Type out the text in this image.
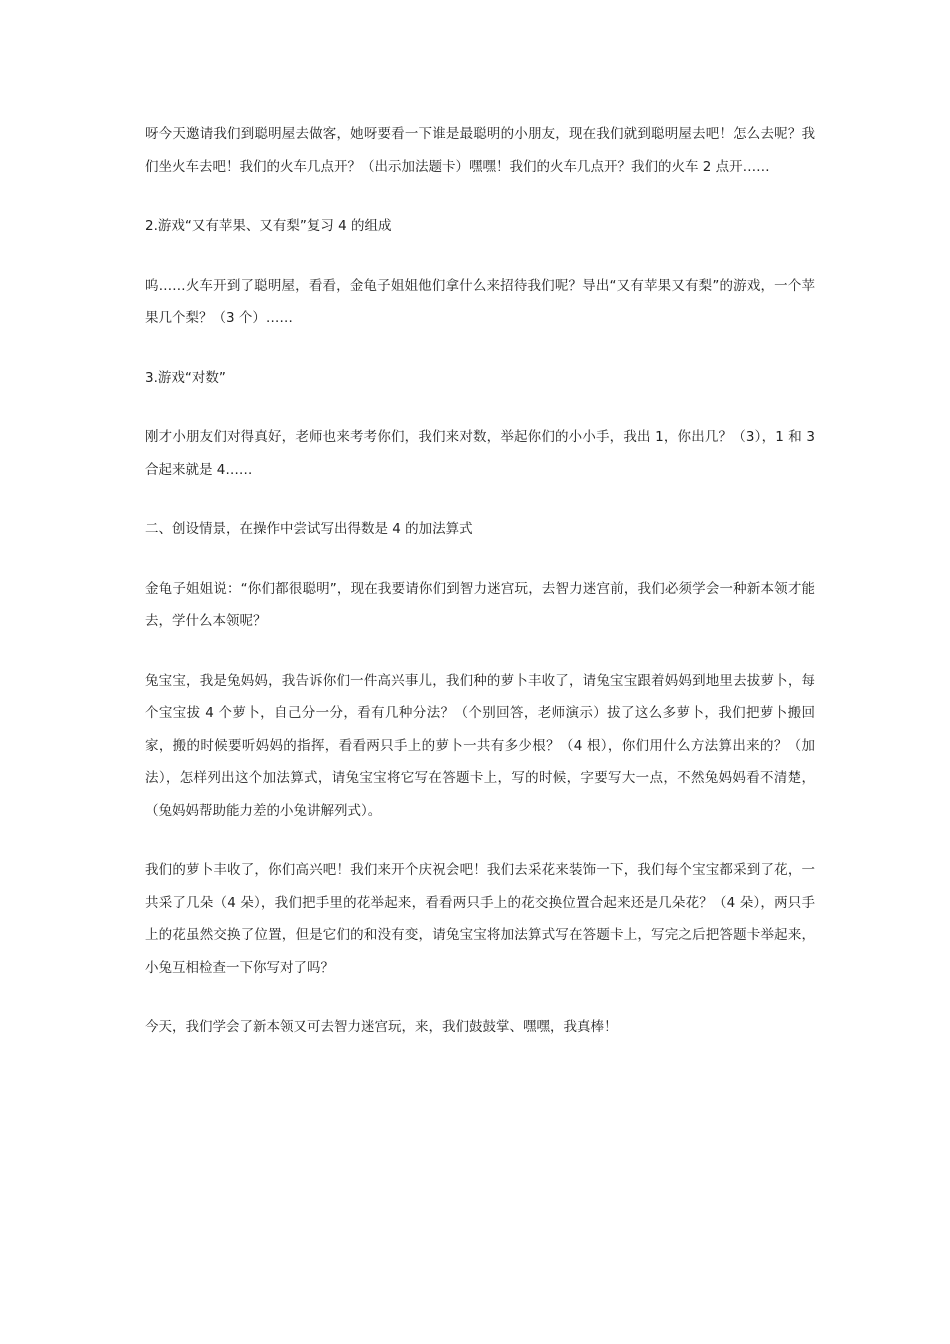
呀今天邀请我们到聪明屋去做客，她呀要看一下谁是最聪明的小朋友，现在我们就到聪明屋去吧！怎么去呢？我们坐火车去吧！我们的火车几点开？（出示加法题卡）嘿嘿！我们的火车几点开？我们的火车 2 点开……

2.游戏“又有苹果、又有梨”复习 4 的组成

呜……火车开到了聪明屋，看看，金龟子姐姐他们拿什么来招待我们呢？导出“又有苹果又有梨”的游戏，一个苹果几个梨？（3 个）……

3.游戏“对数”

刚才小朋友们对得真好，老师也来考考你们，我们来对数，举起你们的小小手，我出 1，你出几？（3），1 和 3 合起来就是 4……

二、创设情景，在操作中尝试写出得数是 4 的加法算式

金龟子姐姐说：“你们都很聪明”，现在我要请你们到智力迷宫玩，去智力迷宫前，我们必须学会一种新本领才能去，学什么本领呢？

兔宝宝，我是兔妈妈，我告诉你们一件高兴事儿，我们种的萝卜丰收了，请兔宝宝跟着妈妈到地里去拔萝卜，每个宝宝拔 4 个萝卜，自己分一分，看有几种分法？（个别回答，老师演示）拔了这么多萝卜，我们把萝卜搬回家，搬的时候要听妈妈的指挥，看看两只手上的萝卜一共有多少根？（4 根），你们用什么方法算出来的？（加法），怎样列出这个加法算式，请兔宝宝将它写在答题卡上，写的时候，字要写大一点，不然兔妈妈看不清楚，（兔妈妈帮助能力差的小兔讲解列式）。

我们的萝卜丰收了，你们高兴吧！我们来开个庆祝会吧！我们去采花来装饰一下，我们每个宝宝都采到了花，一共采了几朵（4 朵），我们把手里的花举起来，看看两只手上的花交换位置合起来还是几朵花？（4 朵），两只手上的花虽然交换了位置，但是它们的和没有变，请兔宝宝将加法算式写在答题卡上，写完之后把答题卡举起来，小兔互相检查一下你写对了吗？

今天，我们学会了新本领又可去智力迷宫玩，来，我们鼓鼓掌、嘿嘿，我真棒！
